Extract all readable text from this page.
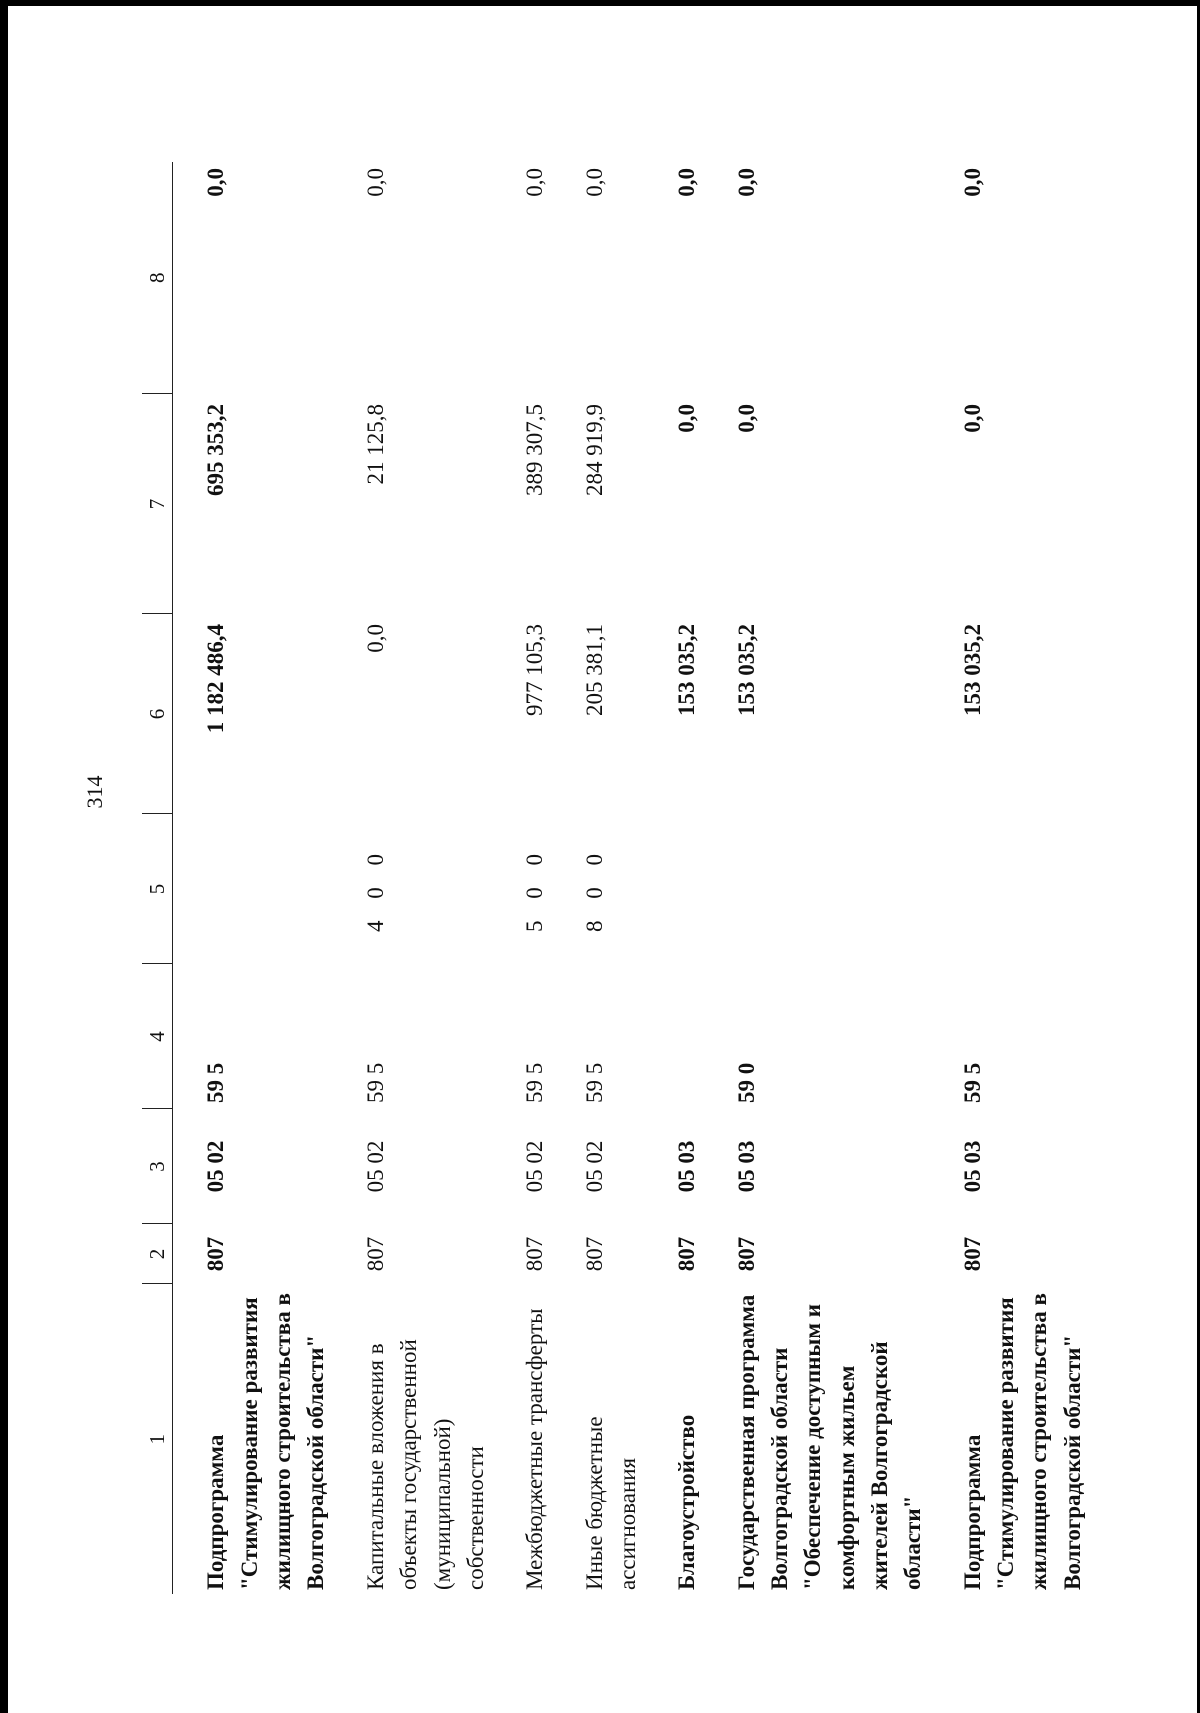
314
1	2	3	4	5	6	7	8
Подпрограмма "Стимулирование развития жилищного строительства в Волгоградской области"	807	05 02	59 5		1 182 486,4	695 353,2	0,0
Капитальные вложения в объекты государственной (муниципальной) собственности	807	05 02	59 5	4 0 0	0,0	21 125,8	0,0
Межбюджетные трансферты	807	05 02	59 5	5 0 0	977 105,3	389 307,5	0,0
Иные бюджетные ассигнования	807	05 02	59 5	8 0 0	205 381,1	284 919,9	0,0
Благоустройство	807	05 03			153 035,2	0,0	0,0
Государственная программа Волгоградской области "Обеспечение доступным и комфортным жильем жителей Волгоградской области"	807	05 03	59 0		153 035,2	0,0	0,0
Подпрограмма "Стимулирование развития жилищного строительства в Волгоградской области"	807	05 03	59 5		153 035,2	0,0	0,0
